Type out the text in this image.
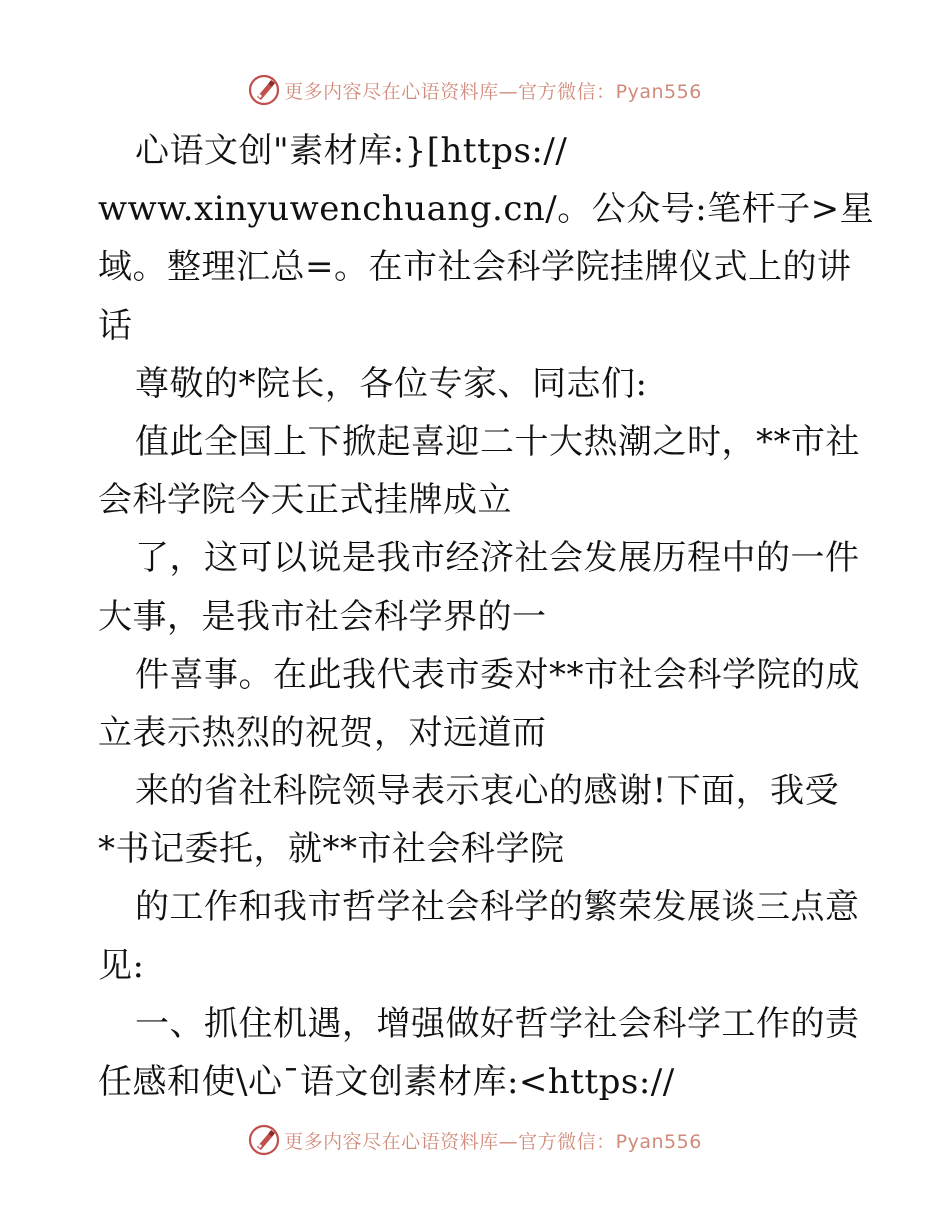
更多内容尽在心语资料库—官方微信：Pyan556
心语文创"素材库:}[https://
www.xinyuwenchuang.cn/。公众号:笔杆子>星
域。整理汇总=。在市社会科学院挂牌仪式上的讲
话
尊敬的*院长，各位专家、同志们:
值此全国上下掀起喜迎二十大热潮之时，**市社
会科学院今天正式挂牌成立
了，这可以说是我市经济社会发展历程中的一件
大事，是我市社会科学界的一
件喜事。在此我代表市委对**市社会科学院的成
立表示热烈的祝贺，对远道而
来的省社科院领导表示衷心的感谢!下面，我受
*书记委托，就**市社会科学院
的工作和我市哲学社会科学的繁荣发展谈三点意
见:
一、抓住机遇，增强做好哲学社会科学工作的责
任感和使\心¯语文创素材库:<https://
更多内容尽在心语资料库—官方微信：Pyan556
